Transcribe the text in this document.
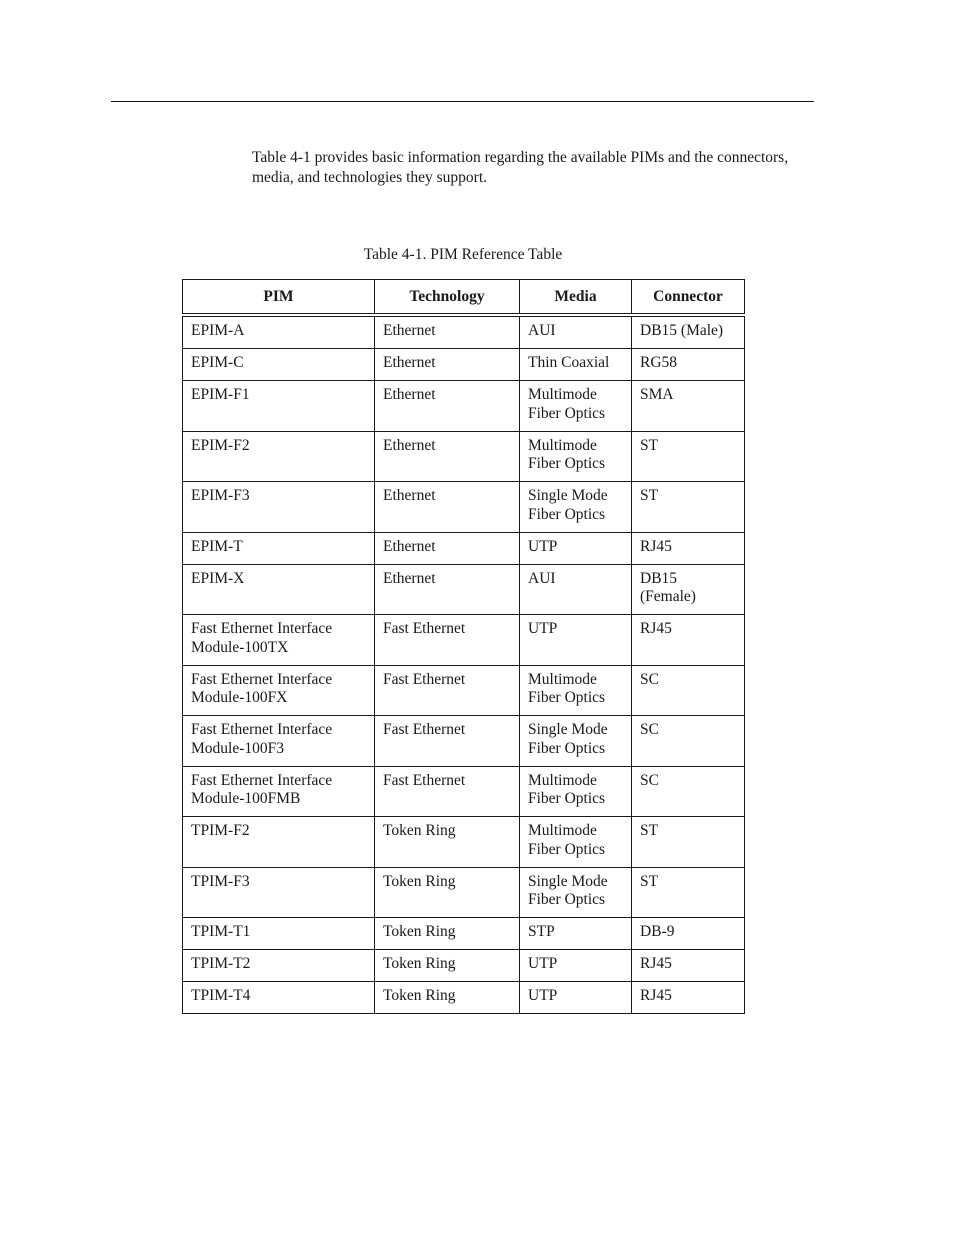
Table 4-1 provides basic information regarding the available PIMs and the connectors, media, and technologies they support.

Table 4-1. PIM Reference Table

PIM	Technology	Media	Connector
EPIM-A	Ethernet	AUI	DB15 (Male)
EPIM-C	Ethernet	Thin Coaxial	RG58
EPIM-F1	Ethernet	Multimode Fiber Optics	SMA
EPIM-F2	Ethernet	Multimode Fiber Optics	ST
EPIM-F3	Ethernet	Single Mode Fiber Optics	ST
EPIM-T	Ethernet	UTP	RJ45
EPIM-X	Ethernet	AUI	DB15 (Female)
Fast Ethernet Interface Module-100TX	Fast Ethernet	UTP	RJ45
Fast Ethernet Interface Module-100FX	Fast Ethernet	Multimode Fiber Optics	SC
Fast Ethernet Interface Module-100F3	Fast Ethernet	Single Mode Fiber Optics	SC
Fast Ethernet Interface Module-100FMB	Fast Ethernet	Multimode Fiber Optics	SC
TPIM-F2	Token Ring	Multimode Fiber Optics	ST
TPIM-F3	Token Ring	Single Mode Fiber Optics	ST
TPIM-T1	Token Ring	STP	DB-9
TPIM-T2	Token Ring	UTP	RJ45
TPIM-T4	Token Ring	UTP	RJ45
